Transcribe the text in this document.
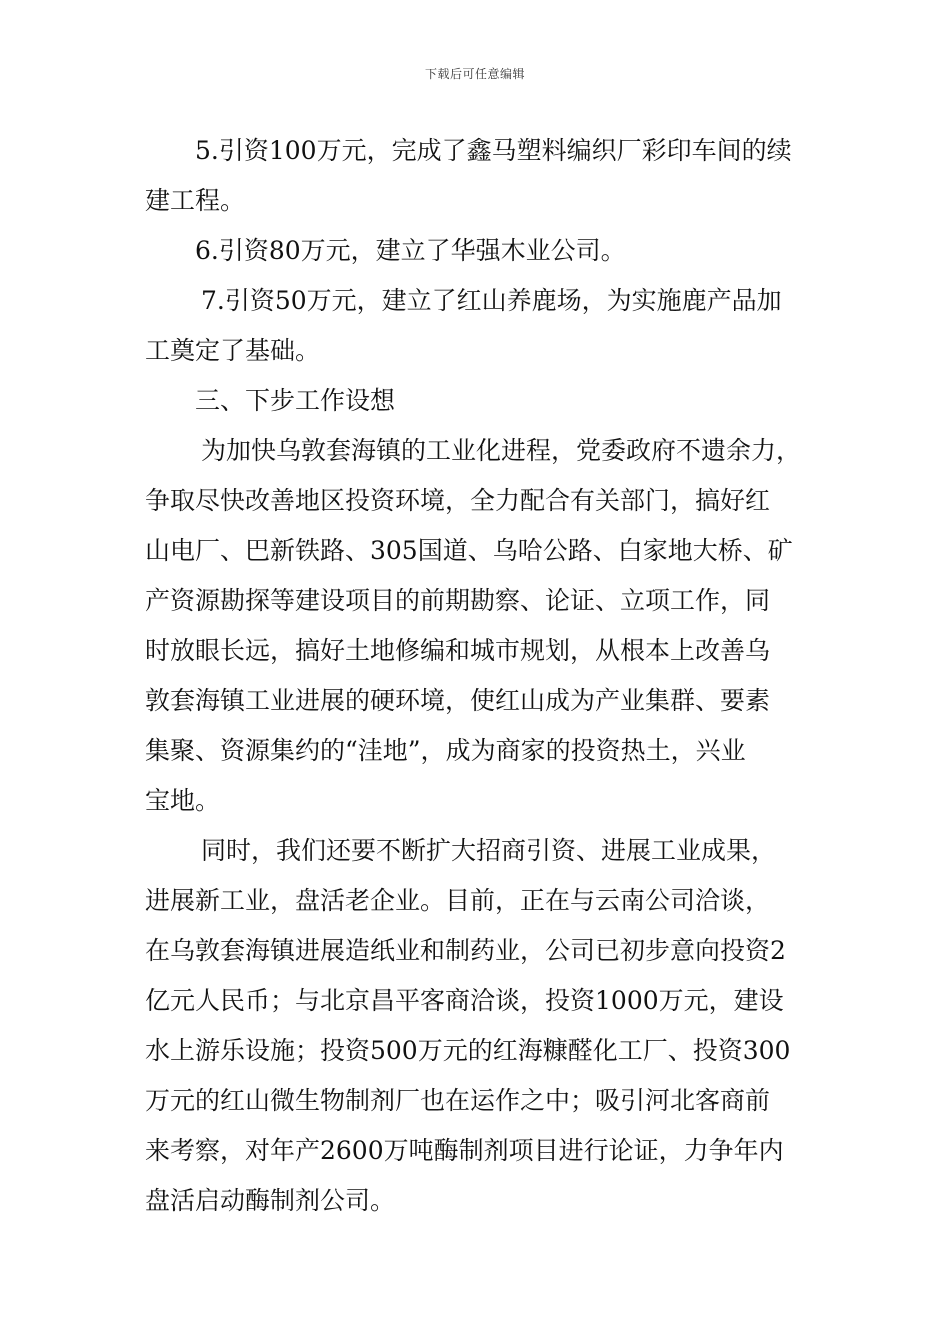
下载后可任意编辑
5.引资100万元，完成了鑫马塑料编织厂彩印车间的续
建工程。
6.引资80万元，建立了华强木业公司。
7.引资50万元，建立了红山养鹿场，为实施鹿产品加
工奠定了基础。
三、下步工作设想
为加快乌敦套海镇的工业化进程，党委政府不遗余力，
争取尽快改善地区投资环境，全力配合有关部门，搞好红
山电厂、巴新铁路、305国道、乌哈公路、白家地大桥、矿
产资源勘探等建设项目的前期勘察、论证、立项工作，同
时放眼长远，搞好土地修编和城市规划，从根本上改善乌
敦套海镇工业进展的硬环境，使红山成为产业集群、要素
集聚、资源集约的“洼地”，成为商家的投资热土，兴业
宝地。
同时，我们还要不断扩大招商引资、进展工业成果，
进展新工业，盘活老企业。目前，正在与云南公司洽谈，
在乌敦套海镇进展造纸业和制药业，公司已初步意向投资2
亿元人民币；与北京昌平客商洽谈，投资1000万元，建设
水上游乐设施；投资500万元的红海糠醛化工厂、投资300
万元的红山微生物制剂厂也在运作之中；吸引河北客商前
来考察，对年产2600万吨酶制剂项目进行论证，力争年内
盘活启动酶制剂公司。
